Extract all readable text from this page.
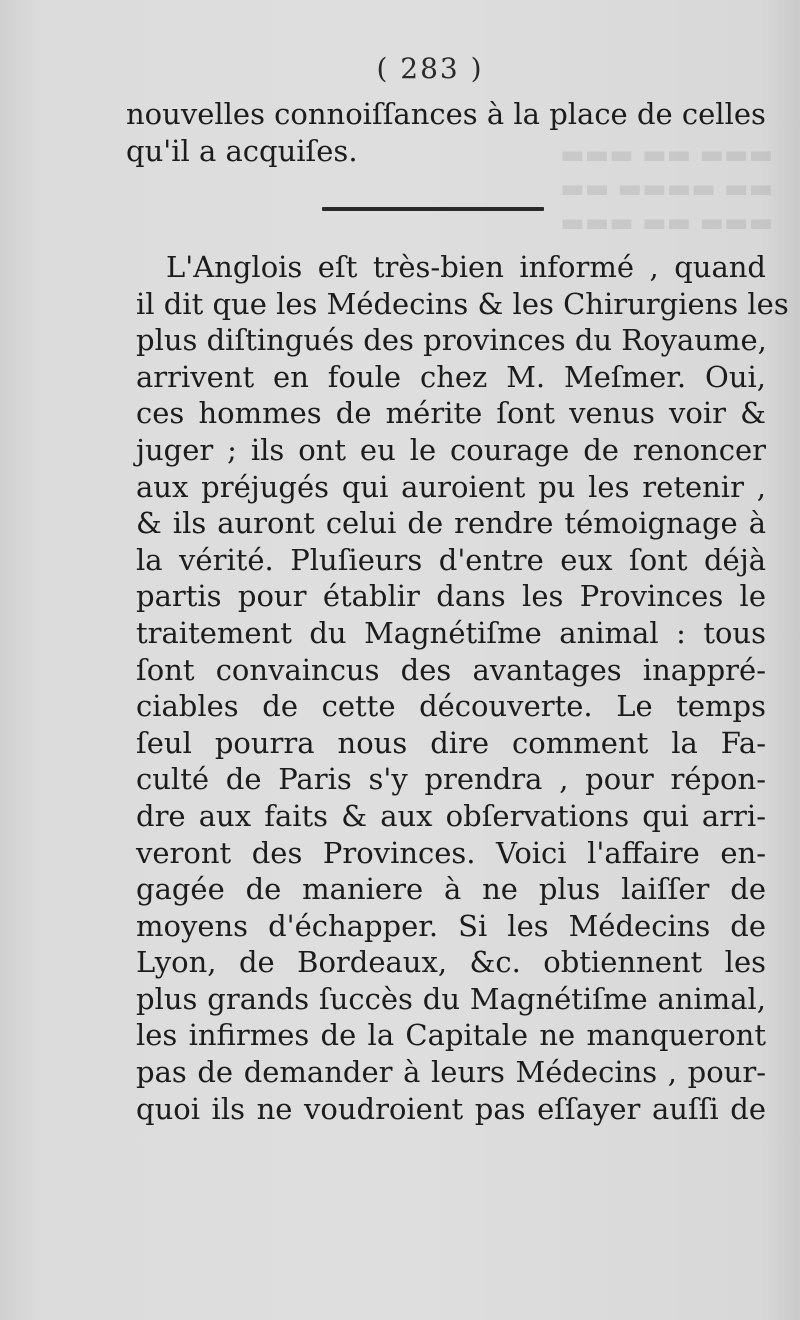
▬▬▬ ▬▬ ▬▬▬
▬▬ ▬▬▬▬ ▬▬
▬▬▬ ▬▬ ▬▬▬
( 283 )
nouvelles connoiſſances à la place de celles
qu'il a acquiſes.
L'Anglois eſt très-bien informé , quand
il dit que les Médecins & les Chirurgiens les
plus diſtingués des provinces du Royaume,
arrivent en foule chez M. Meſmer. Oui,
ces hommes de mérite ſont venus voir &
juger ; ils ont eu le courage de renoncer
aux préjugés qui auroient pu les retenir ,
& ils auront celui de rendre témoignage à
la vérité. Pluſieurs d'entre eux ſont déjà
partis pour établir dans les Provinces le
traitement du Magnétiſme animal : tous
ſont convaincus des avantages inappré-
ciables de cette découverte. Le temps
ſeul pourra nous dire comment la Fa-
culté de Paris s'y prendra , pour répon-
dre aux faits & aux obſervations qui arri-
veront des Provinces. Voici l'affaire en-
gagée de maniere à ne plus laiſſer de
moyens d'échapper. Si les Médecins de
Lyon, de Bordeaux, &c. obtiennent les
plus grands ſuccès du Magnétiſme animal,
les infirmes de la Capitale ne manqueront
pas de demander à leurs Médecins , pour-
quoi ils ne voudroient pas eſſayer auſſi de
